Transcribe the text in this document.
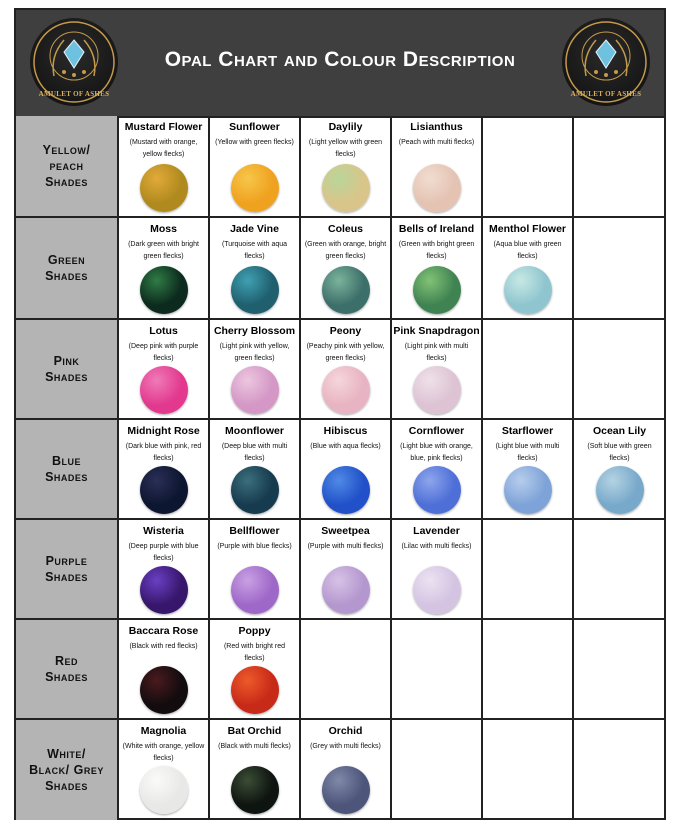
AMULET OF ASHES
Opal Chart and Colour Description
AMULET OF ASHES
Yellow/
peach
Shades
Mustard Flower
(Mustard with orange, yellow flecks)
Sunflower
(Yellow with green flecks)
Daylily
(Light yellow with green flecks)
Lisianthus
(Peach with multi flecks)
Green
Shades
Moss
(Dark green with bright green flecks)
Jade Vine
(Turquoise with aqua flecks)
Coleus
(Green with orange, bright green flecks)
Bells of Ireland
(Green with bright green flecks)
Menthol Flower
(Aqua blue with green flecks)
Pink
Shades
Lotus
(Deep pink with purple flecks)
Cherry Blossom
(Light pink with yellow, green flecks)
Peony
(Peachy pink with yellow, green flecks)
Pink Snapdragon
(Light pink with multi flecks)
Blue
Shades
Midnight Rose
(Dark blue with pink, red flecks)
Moonflower
(Deep blue with multi flecks)
Hibiscus
(Blue with aqua flecks)
Cornflower
(Light blue with orange, blue, pink flecks)
Starflower
(Light blue with multi flecks)
Ocean Lily
(Soft blue with green flecks)
Purple
Shades
Wisteria
(Deep purple with blue flecks)
Bellflower
(Purple with blue flecks)
Sweetpea
(Purple with multi flecks)
Lavender
(Lilac with multi flecks)
Red
Shades
Baccara Rose
(Black with red flecks)
Poppy
(Red with bright red flecks)
White/
Black/ Grey
Shades
Magnolia
(White with orange, yellow flecks)
Bat Orchid
(Black with multi flecks)
Orchid
(Grey with multi flecks)
